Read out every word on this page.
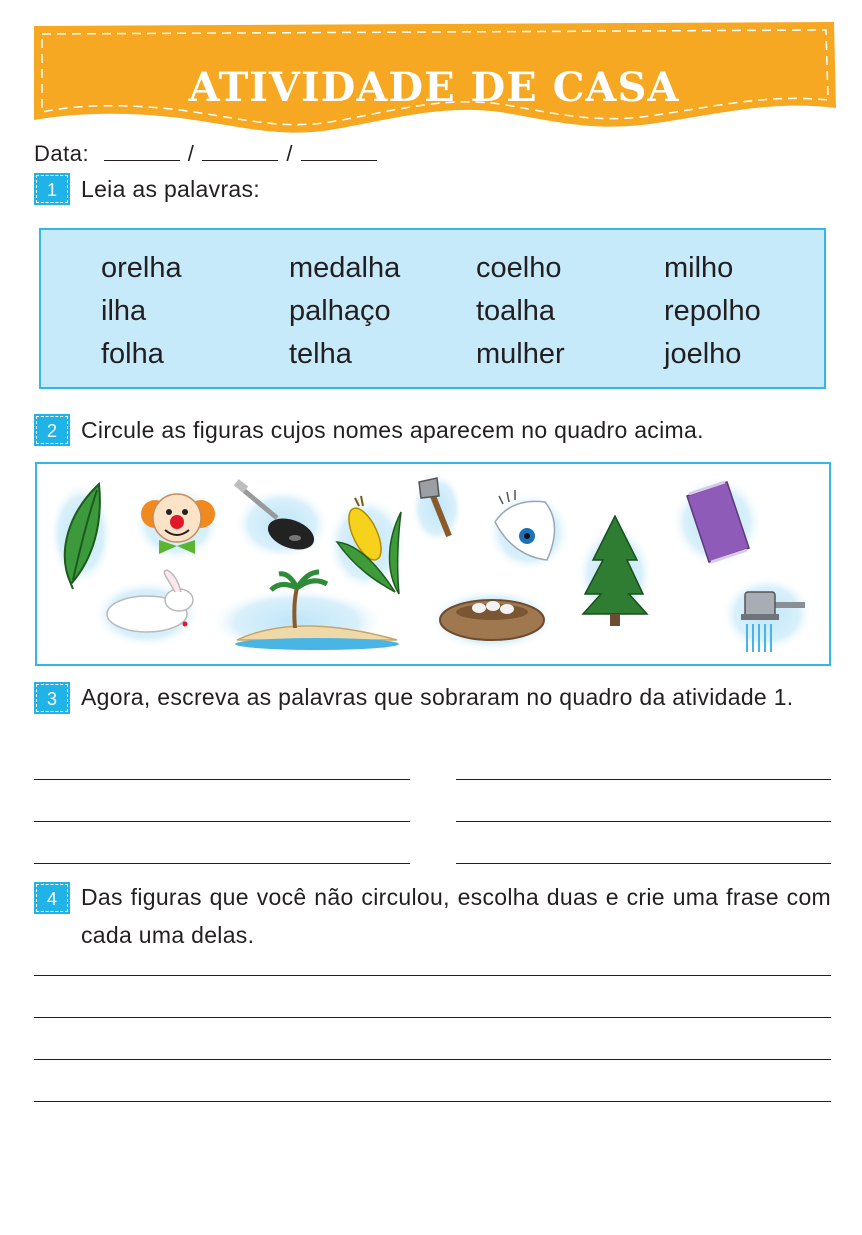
ATIVIDADE DE CASA
Data:	/	/
1	Leia as palavras:
orelha	medalha	coelho	milho
ilha	palhaço	toalha	repolho
folha	telha	mulher	joelho
2	Circule as figuras cujos nomes aparecem no quadro acima.
3	Agora, escreva as palavras que sobraram no quadro da atividade 1.
4	Das figuras que você não circulou, escolha duas e crie uma frase com cada uma delas.
